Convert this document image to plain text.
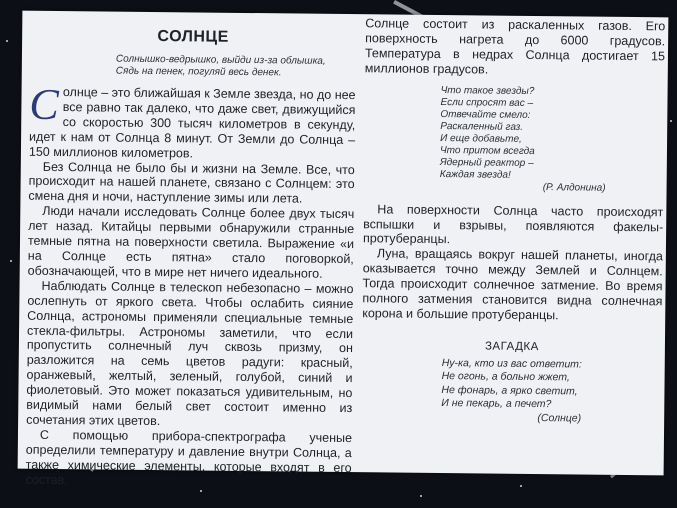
СОЛНЦЕ
Солнышко-ведрышко, выйди из-за облышка,
Сядь на пенек, погуляй весь денек.

Солнце – это ближайшая к Земле звезда, но до нее все равно так далеко, что даже свет, движущийся со скоростью 300 тысяч километров в секунду, идет к нам от Солнца 8 минут. От Земли до Солнца – 150 миллионов километров.

Без Солнца не было бы и жизни на Земле. Все, что происходит на нашей планете, связано с Солнцем: это смена дня и ночи, наступление зимы или лета.

Люди начали исследовать Солнце более двух тысяч лет назад. Китайцы первыми обнаружили странные темные пятна на поверхности светила. Выражение «и на Солнце есть пятна» стало поговоркой, обозначающей, что в мире нет ничего идеального.

Наблюдать Солнце в телескоп небезопасно – можно ослепнуть от яркого света. Чтобы ослабить сияние Солнца, астрономы применяли специальные темные стекла-фильтры. Астрономы заметили, что если пропустить солнечный луч сквозь призму, он разложится на семь цветов радуги: красный, оранжевый, желтый, зеленый, голубой, синий и фиолетовый. Это может показаться удивительным, но видимый нами белый свет состоит именно из сочетания этих цветов.

С помощью прибора-спектрографа ученые определили температуру и давление внутри Солнца, а также химические элементы, которые входят в его состав.

Солнце состоит из раскаленных газов. Его поверхность нагрета до 6000 градусов. Температура в недрах Солнца достигает 15 миллионов градусов.

Что такое звезды?
Если спросят вас –
Отвечайте смело:
Раскаленный газ.
И еще добавьте,
Что притом всегда
Ядерный реактор –
Каждая звезда!
(Р. Алдонина)

На поверхности Солнца часто происходят вспышки и взрывы, появляются факелы-протуберанцы.

Луна, вращаясь вокруг нашей планеты, иногда оказывается точно между Землей и Солнцем. Тогда происходит солнечное затмение. Во время полного затмения становится видна солнечная корона и большие протуберанцы.

ЗАГАДКА
Ну-ка, кто из вас ответит:
Не огонь, а больно жжет,
Не фонарь, а ярко светит,
И не пекарь, а печет?
(Солнце)
